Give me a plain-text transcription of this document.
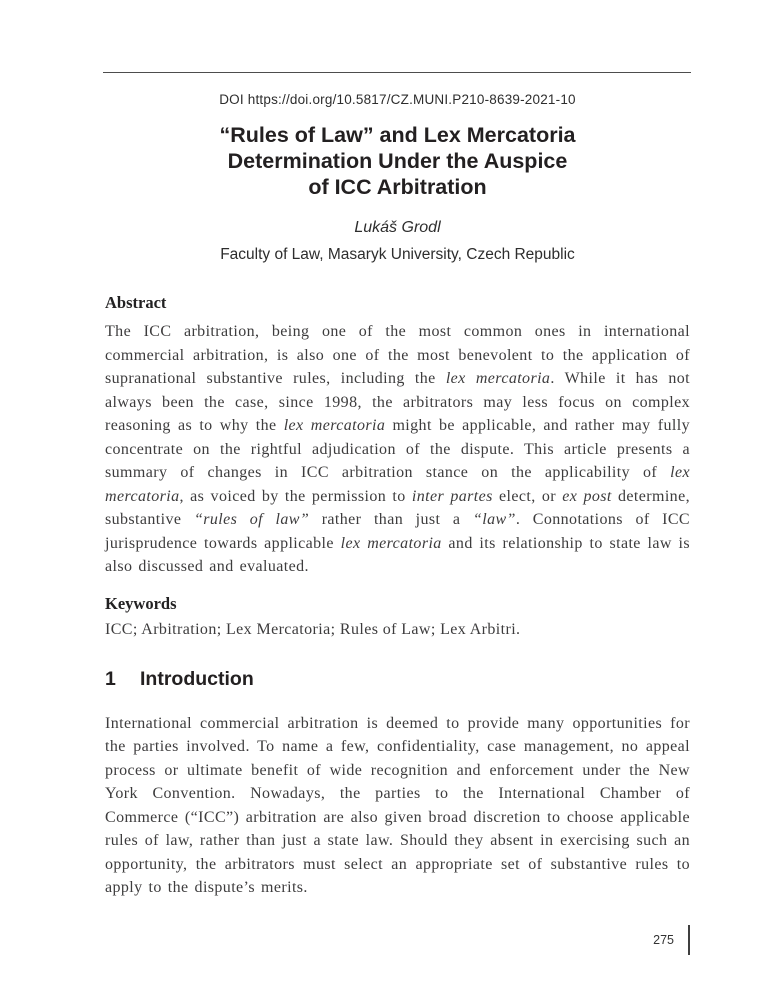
DOI https://doi.org/10.5817/CZ.MUNI.P210-8639-2021-10
“Rules of Law” and Lex Mercatoria
Determination Under the Auspice
of ICC Arbitration
Lukáš Grodl
Faculty of Law, Masaryk University, Czech Republic
Abstract
The ICC arbitration, being one of the most common ones in international commercial arbitration, is also one of the most benevolent to the application of supranational substantive rules, including the lex mercatoria. While it has not always been the case, since 1998, the arbitrators may less focus on complex reasoning as to why the lex mercatoria might be applicable, and rather may fully concentrate on the rightful adjudication of the dispute. This article presents a summary of changes in ICC arbitration stance on the applicability of lex mercatoria, as voiced by the permission to inter partes elect, or ex post determine, substantive “rules of law” rather than just a “law”. Connotations of ICC jurisprudence towards applicable lex mercatoria and its relationship to state law is also discussed and evaluated.
Keywords
ICC; Arbitration; Lex Mercatoria; Rules of Law; Lex Arbitri.
1 Introduction
International commercial arbitration is deemed to provide many opportunities for the parties involved. To name a few, confidentiality, case management, no appeal process or ultimate benefit of wide recognition and enforcement under the New York Convention. Nowadays, the parties to the International Chamber of Commerce (“ICC”) arbitration are also given broad discretion to choose applicable rules of law, rather than just a state law. Should they absent in exercising such an opportunity, the arbitrators must select an appropriate set of substantive rules to apply to the dispute’s merits.
275
